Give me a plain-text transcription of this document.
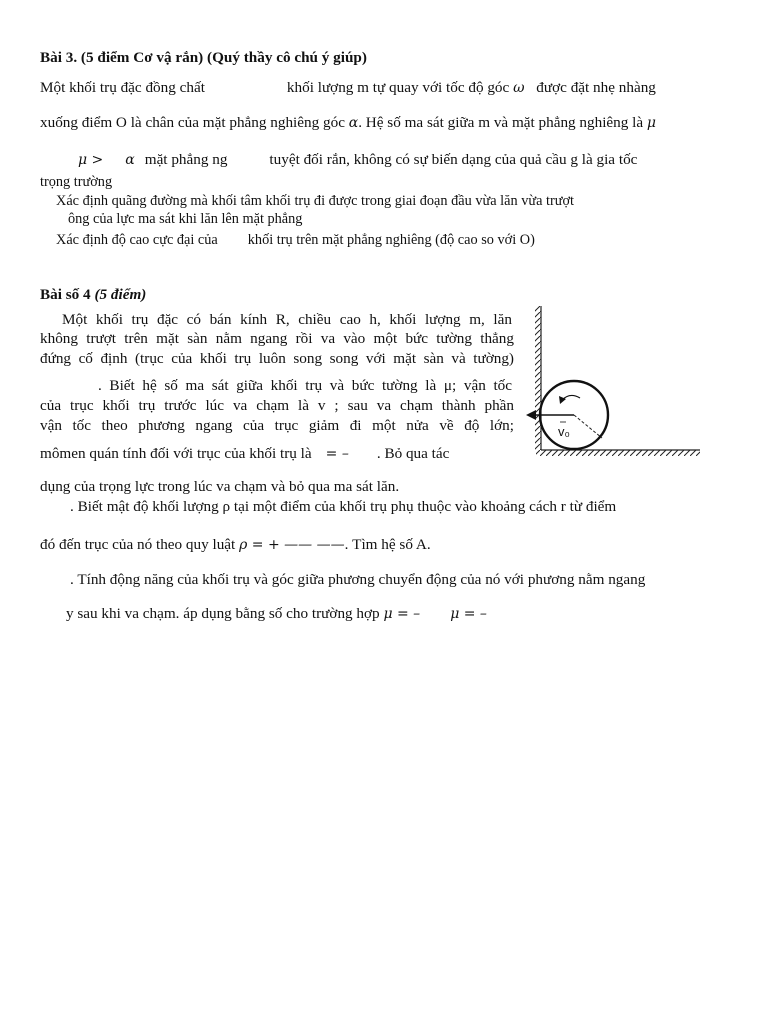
Bài 3. (5 điểm Cơ vậ rắn) (Quý thầy cô chú ý giúp)
Một khối trụ đặc đồng chất	khối lượng m tự quay với tốc độ góc ω được đặt nhẹ nhàng
xuống điểm O là chân của mặt phẳng nghiêng góc α. Hệ số ma sát giữa m và mặt phẳng nghiêng là μ
μ > α mặt phẳng ng	tuyệt đối rắn, không có sự biến dạng của quả cầu g là gia tốc
trọng trường
Xác định quãng đường mà khối tâm khối trụ đi được trong giai đoạn đầu vừa lăn vừa trượt
ông của lực ma sát khi lăn lên mặt phẳng
Xác định độ cao cực đại của khối trụ trên mặt phẳng nghiêng (độ cao so với O)
Bài số 4 (5 điểm)
Một khối trụ đặc có bán kính R, chiều cao h, khối lượng m, lăn
không trượt trên mặt sàn nằm ngang rồi va vào một bức tường thẳng
đứng cố định (trục của khối trụ luôn song song với mặt sàn và tường)
. Biết hệ số ma sát giữa khối trụ và bức tường là μ; vận tốc
của trục khối trụ trước lúc va chạm là v ; sau va chạm thành phần
vận tốc theo phương ngang của trục giảm đi một nửa về độ lớn;
mômen quán tính đối với trục của khối trụ là = – . Bỏ qua tác
dụng của trọng lực trong lúc va chạm và bỏ qua ma sát lăn.
. Biết mật độ khối lượng ρ tại một điểm của khối trụ phụ thuộc vào khoảng cách r từ điểm
đó đến trục của nó theo quy luật ρ = + —— ——. Tìm hệ số A.
. Tính động năng của khối trụ và góc giữa phương chuyển động của nó với phương nằm ngang
y sau khi va chạm. áp dụng bằng số cho trường hợp μ = – μ = –
v₀
